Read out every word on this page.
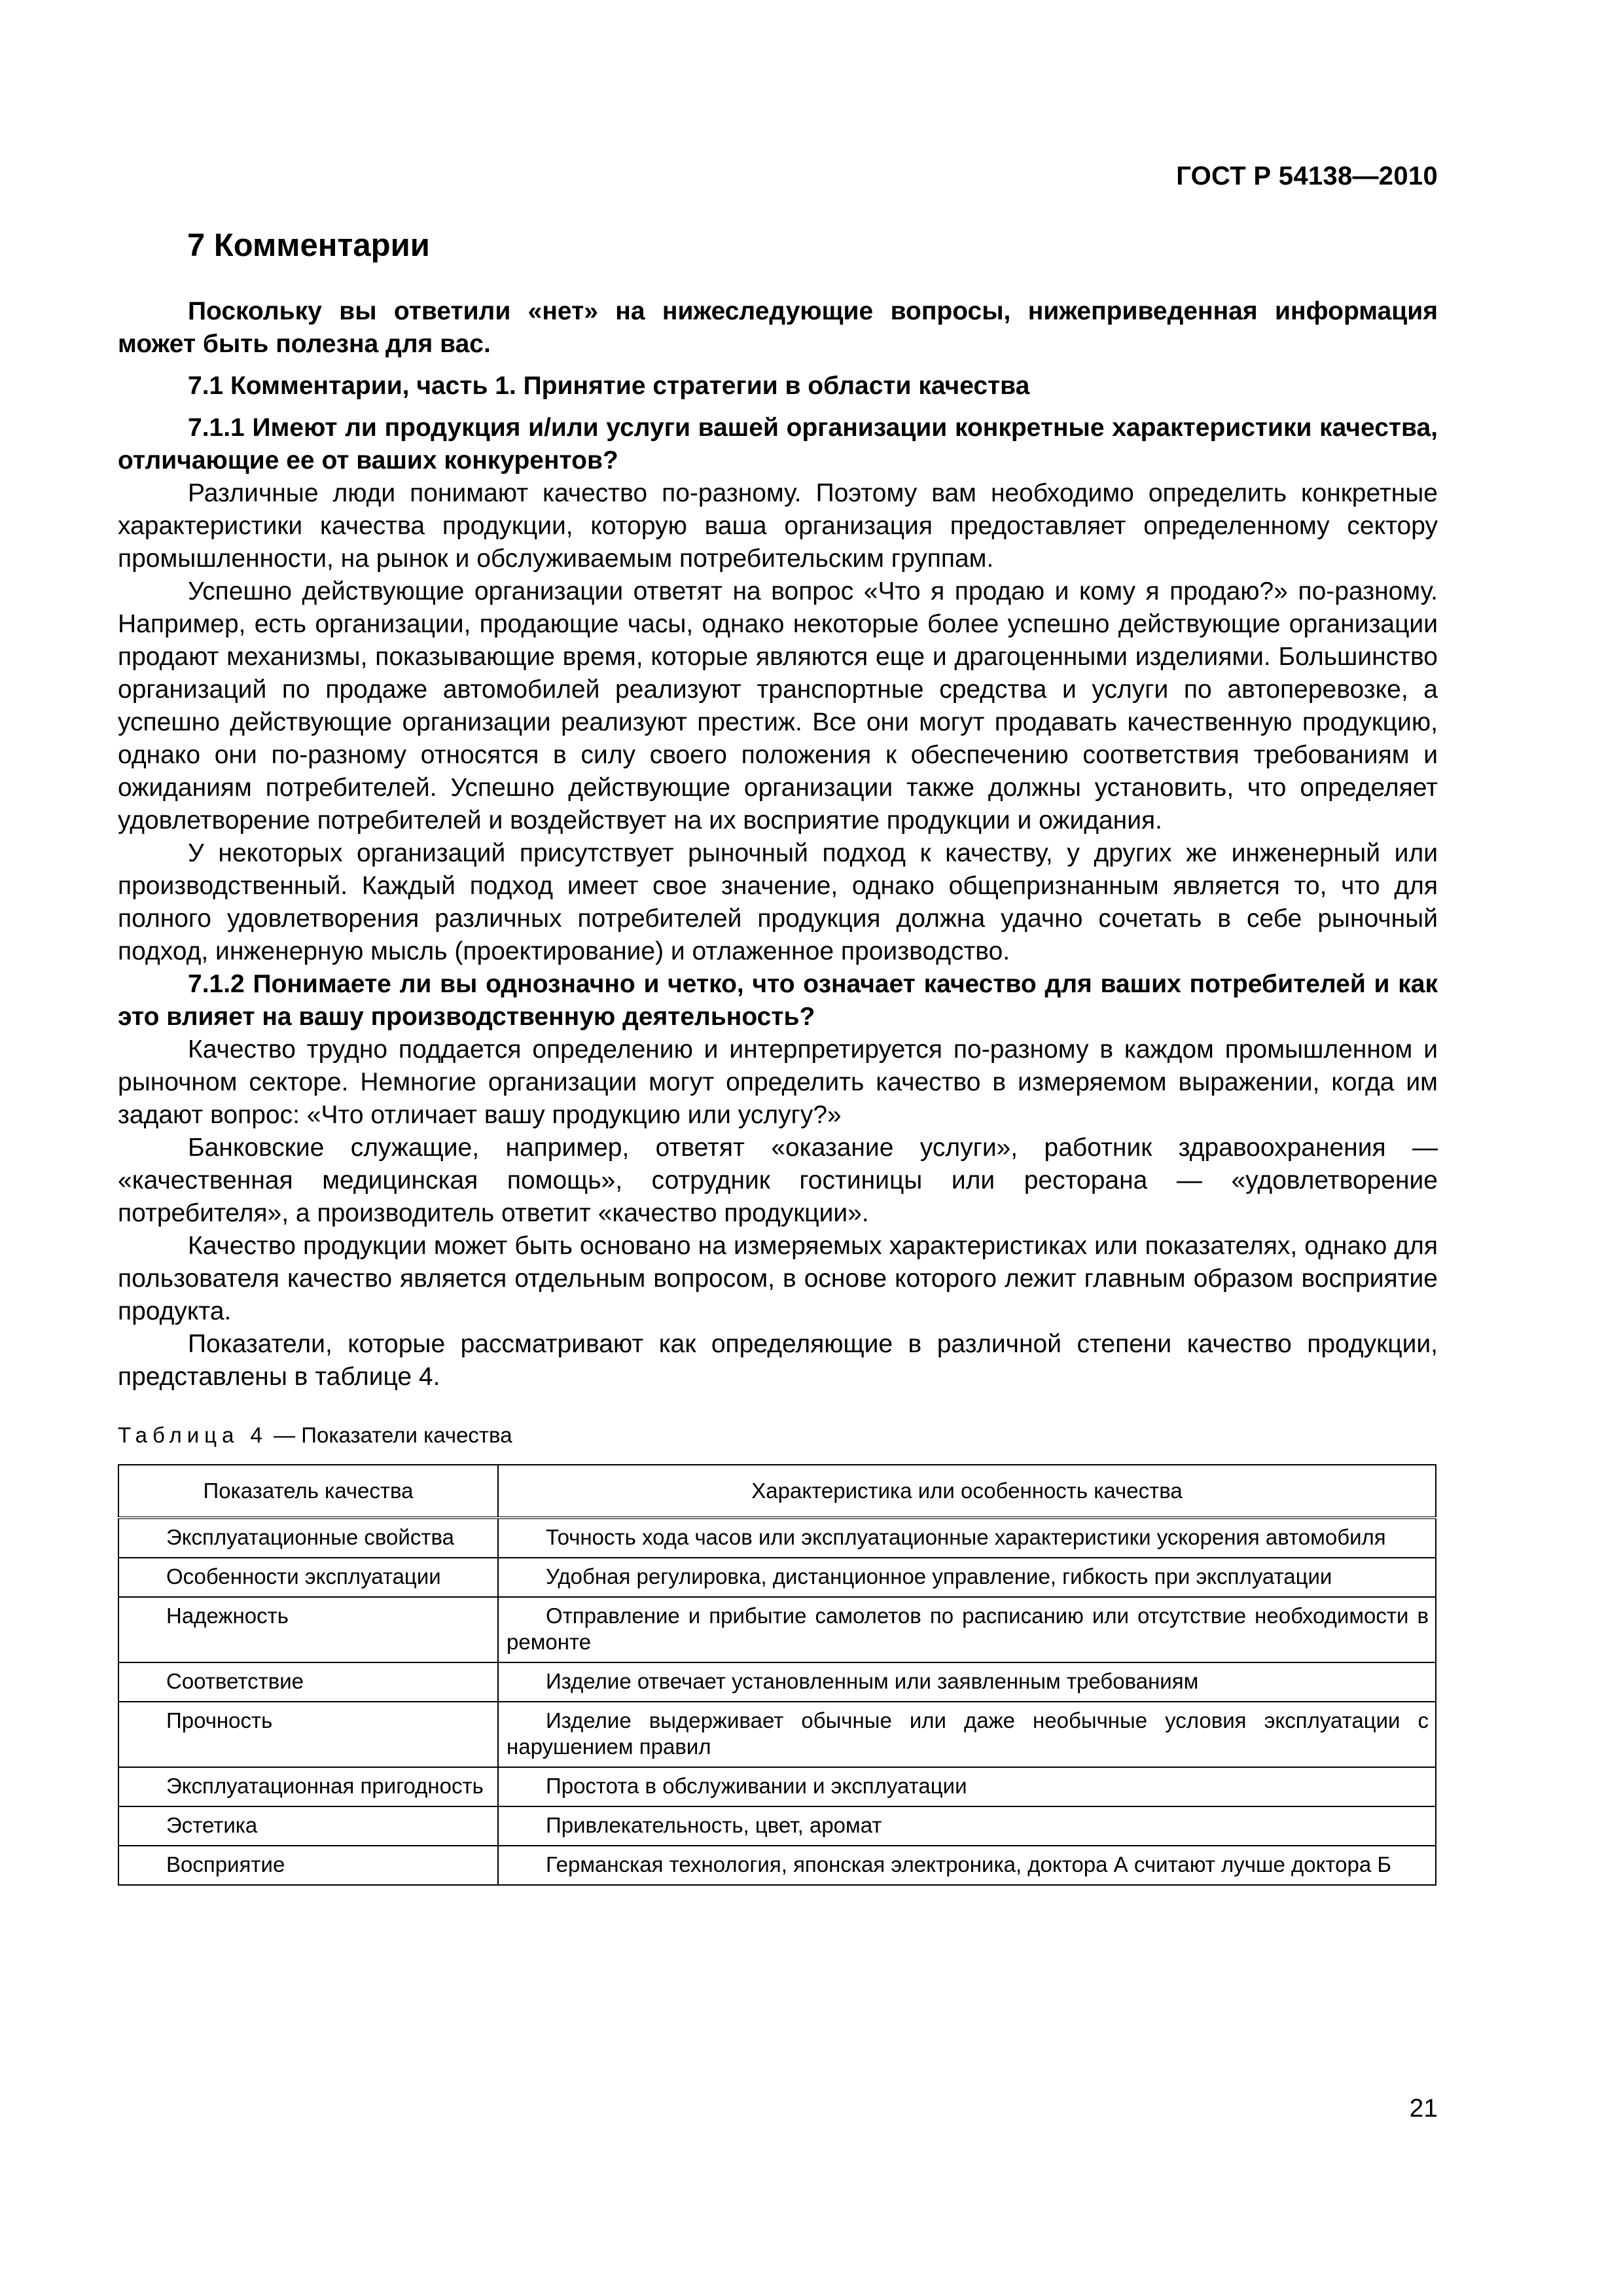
ГОСТ Р 54138—2010
7 Комментарии

Поскольку вы ответили «нет» на нижеследующие вопросы, нижеприведенная информация может быть полезна для вас.

7.1 Комментарии, часть 1. Принятие стратегии в области качества

7.1.1 Имеют ли продукция и/или услуги вашей организации конкретные характеристики качества, отличающие ее от ваших конкурентов?

Различные люди понимают качество по-разному. Поэтому вам необходимо определить конкретные характеристики качества продукции, которую ваша организация предоставляет определенному сектору промышленности, на рынок и обслуживаемым потребительским группам.

Успешно действующие организации ответят на вопрос «Что я продаю и кому я продаю?» по-разному. Например, есть организации, продающие часы, однако некоторые более успешно действующие организации продают механизмы, показывающие время, которые являются еще и драгоценными изделиями. Большинство организаций по продаже автомобилей реализуют транспортные средства и услуги по автоперевозке, а успешно действующие организации реализуют престиж. Все они могут продавать качественную продукцию, однако они по-разному относятся в силу своего положения к обеспечению соответствия требованиям и ожиданиям потребителей. Успешно действующие организации также должны установить, что определяет удовлетворение потребителей и воздействует на их восприятие продукции и ожидания.

У некоторых организаций присутствует рыночный подход к качеству, у других же инженерный или производственный. Каждый подход имеет свое значение, однако общепризнанным является то, что для полного удовлетворения различных потребителей продукция должна удачно сочетать в себе рыночный подход, инженерную мысль (проектирование) и отлаженное производство.

7.1.2 Понимаете ли вы однозначно и четко, что означает качество для ваших потребителей и как это влияет на вашу производственную деятельность?

Качество трудно поддается определению и интерпретируется по-разному в каждом промышленном и рыночном секторе. Немногие организации могут определить качество в измеряемом выражении, когда им задают вопрос: «Что отличает вашу продукцию или услугу?»

Банковские служащие, например, ответят «оказание услуги», работник здравоохранения — «качественная медицинская помощь», сотрудник гостиницы или ресторана — «удовлетворение потребителя», а производитель ответит «качество продукции».

Качество продукции может быть основано на измеряемых характеристиках или показателях, однако для пользователя качество является отдельным вопросом, в основе которого лежит главным образом восприятие продукта.

Показатели, которые рассматривают как определяющие в различной степени качество продукции, представлены в таблице 4.

Таблица 4 — Показатели качества
Показатель качества	Характеристика или особенность качества
Эксплуатационные свойства	Точность хода часов или эксплуатационные характеристики ускорения автомобиля
Особенности эксплуатации	Удобная регулировка, дистанционное управление, гибкость при эксплуатации
Надежность	Отправление и прибытие самолетов по расписанию или отсутствие необходимости в ремонте
Соответствие	Изделие отвечает установленным или заявленным требованиям
Прочность	Изделие выдерживает обычные или даже необычные условия эксплуатации с нарушением правил
Эксплуатационная пригодность	Простота в обслуживании и эксплуатации
Эстетика	Привлекательность, цвет, аромат
Восприятие	Германская технология, японская электроника, доктора А считают лучше доктора Б
21
